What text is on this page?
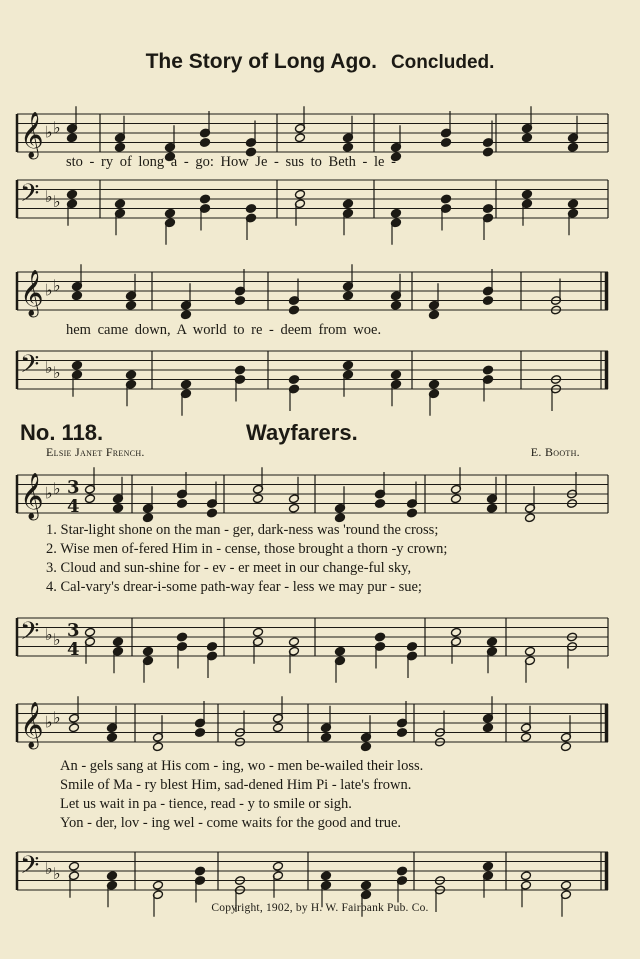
The Story of Long Ago. Concluded.
𝄞 ♭ ♭
sto - ry of long a - go: How Je - sus to Beth - le -
𝄢 ♭ ♭
𝄞 ♭ ♭
hem came down, A world to re - deem from woe.
𝄢 ♭ ♭
No. 118.	Wayfarers.
Elsie Janet French.	E. Booth.
𝄞 ♭ ♭ 3
4
1. Star-light shone on the man - ger, dark-ness was 'round the cross;
2. Wise men of-fered Him in - cense, those brought a thorn -y crown;
3. Cloud and sun-shine for - ev - er meet in our change-ful sky,
4. Cal-vary's drear-i-some path-way fear - less we may pur - sue;
𝄢 ♭ ♭ 3
4
𝄞 ♭ ♭
An - gels sang at His com - ing, wo - men be-wailed their loss.
Smile of Ma - ry blest Him, sad-dened Him Pi - late's frown.
Let us wait in pa - tience, read - y to smile or sigh.
Yon - der, lov - ing wel - come waits for the good and true.
𝄢 ♭ ♭
Copyright, 1902, by H. W. Fairbank Pub. Co.
